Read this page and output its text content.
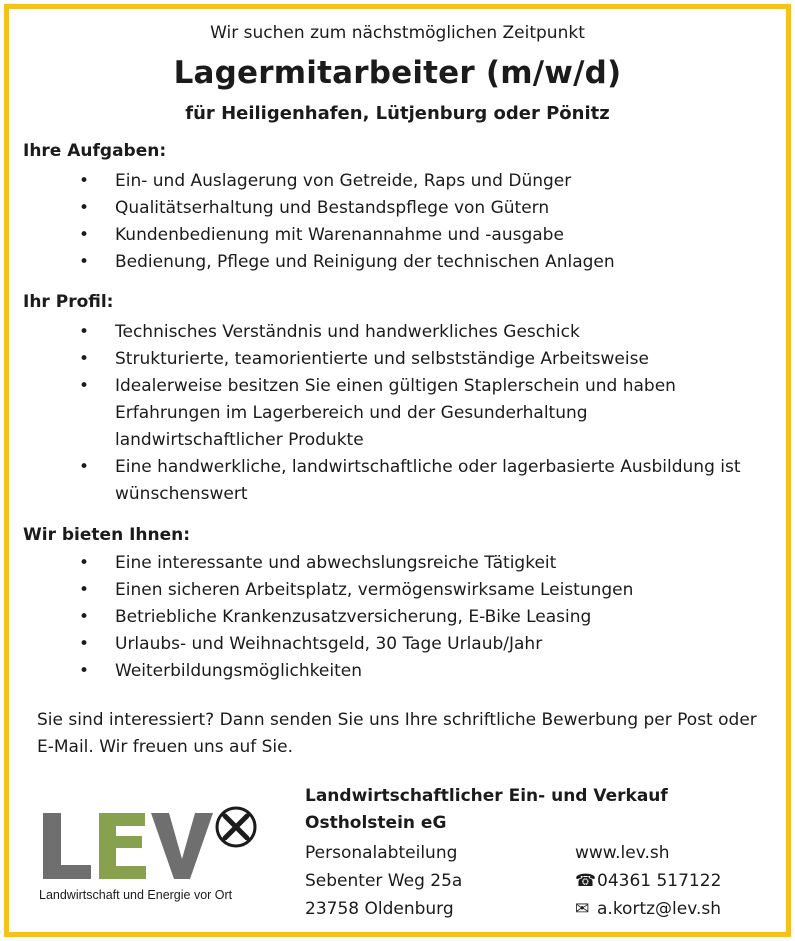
Wir suchen zum nächstmöglichen Zeitpunkt
Lagermitarbeiter (m/w/d)
für Heiligenhafen, Lütjenburg oder Pönitz
Ihre Aufgaben:
• Ein- und Auslagerung von Getreide, Raps und Dünger
• Qualitätserhaltung und Bestandspflege von Gütern
• Kundenbedienung mit Warenannahme und -ausgabe
• Bedienung, Pflege und Reinigung der technischen Anlagen
Ihr Profil:
• Technisches Verständnis und handwerkliches Geschick
• Strukturierte, teamorientierte und selbstständige Arbeitsweise
• Idealerweise besitzen Sie einen gültigen Staplerschein und haben Erfahrungen im Lagerbereich und der Gesunderhaltung landwirtschaftlicher Produkte
• Eine handwerkliche, landwirtschaftliche oder lagerbasierte Ausbildung ist wünschenswert
Wir bieten Ihnen:
• Eine interessante und abwechslungsreiche Tätigkeit
• Einen sicheren Arbeitsplatz, vermögenswirksame Leistungen
• Betriebliche Krankenzusatzversicherung, E-Bike Leasing
• Urlaubs- und Weihnachtsgeld, 30 Tage Urlaub/Jahr
• Weiterbildungsmöglichkeiten
Sie sind interessiert? Dann senden Sie uns Ihre schriftliche Bewerbung per Post oder E-Mail. Wir freuen uns auf Sie.
Landwirtschaft und Energie vor Ort
Landwirtschaftlicher Ein- und Verkauf
Ostholstein eG
Personalabteilung
Sebenter Weg 25a
23758 Oldenburg
www.lev.sh
☎04361 517122
✉ a.kortz@lev.sh
